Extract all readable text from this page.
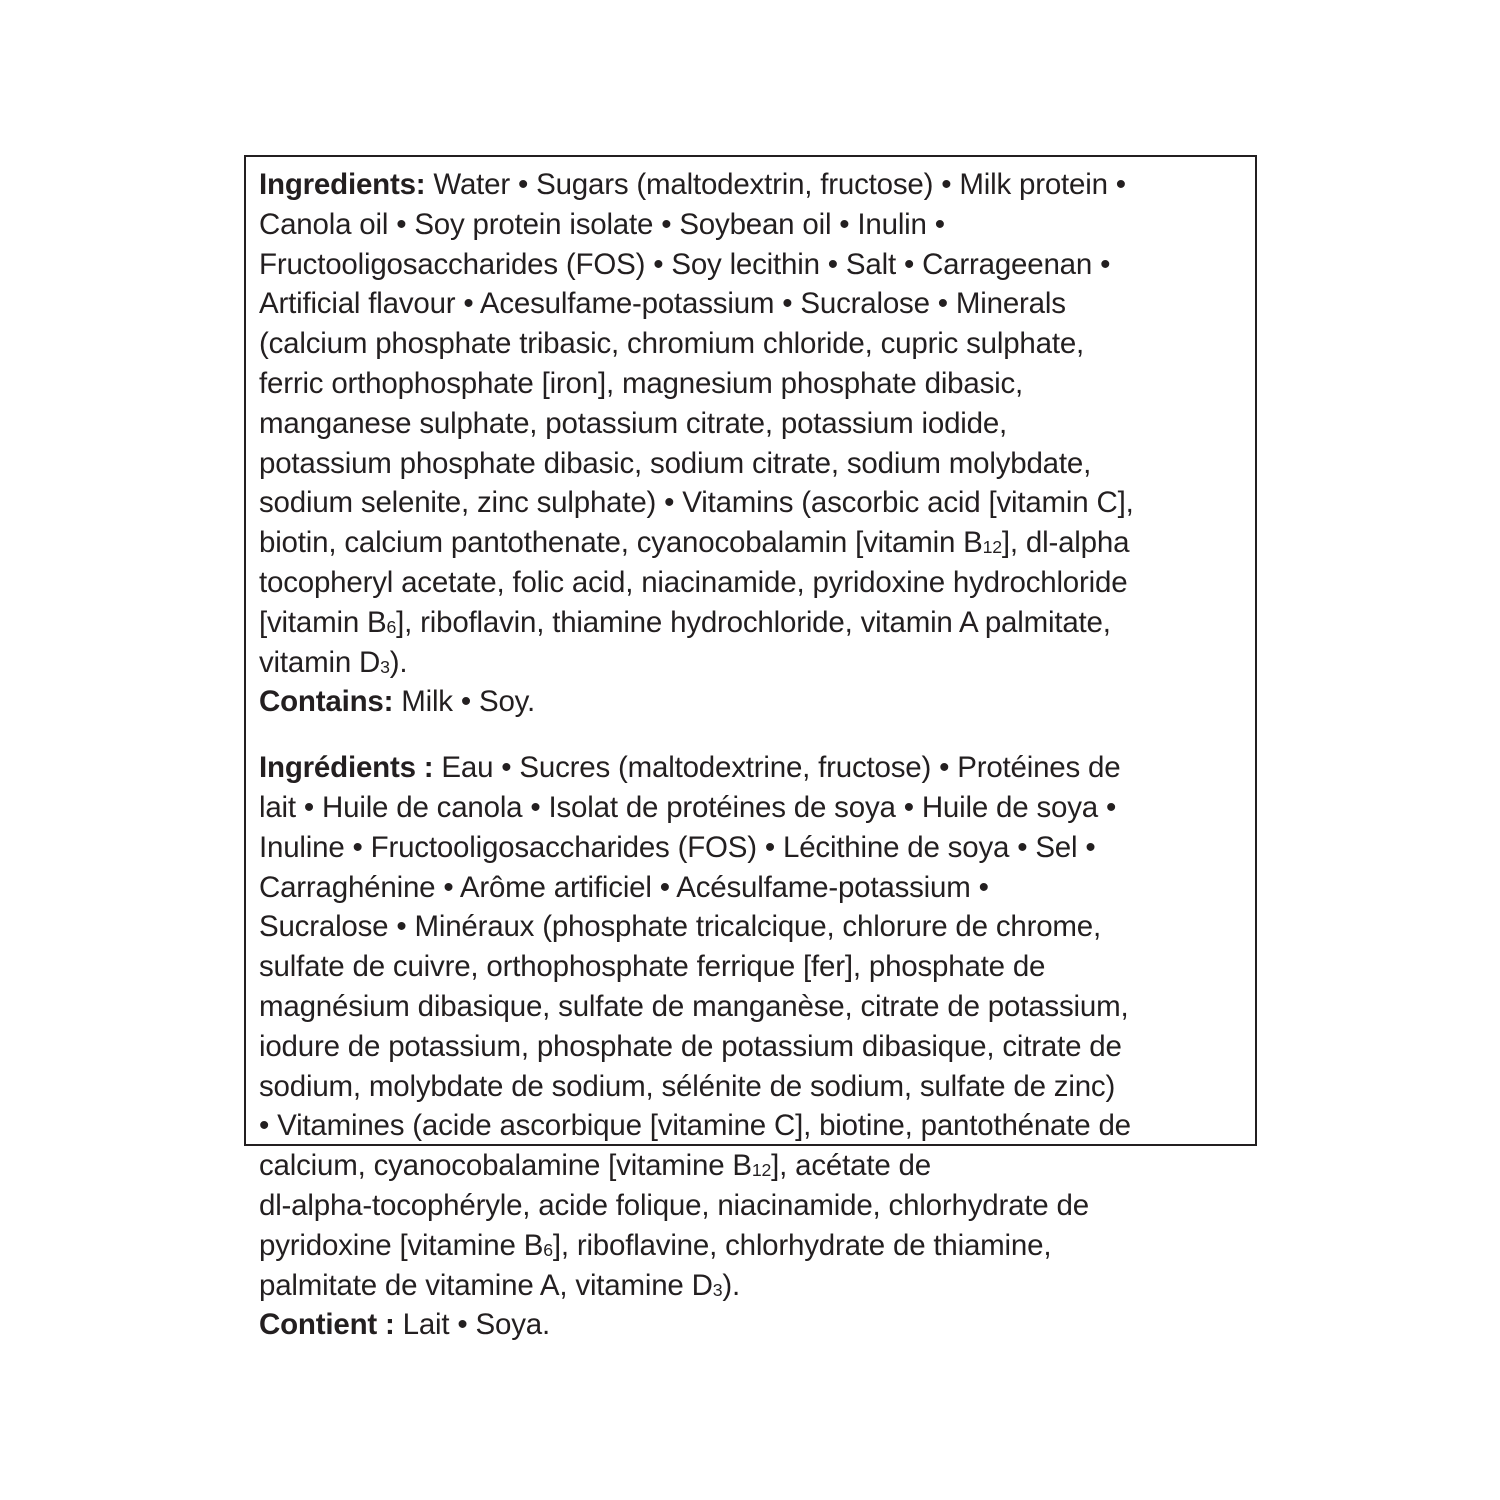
Ingredients: Water • Sugars (maltodextrin, fructose) • Milk protein •
Canola oil • Soy protein isolate • Soybean oil • Inulin •
Fructooligosaccharides (FOS) • Soy lecithin • Salt • Carrageenan •
Artificial flavour • Acesulfame-potassium • Sucralose • Minerals
(calcium phosphate tribasic, chromium chloride, cupric sulphate,
ferric orthophosphate [iron], magnesium phosphate dibasic,
manganese sulphate, potassium citrate, potassium iodide,
potassium phosphate dibasic, sodium citrate, sodium molybdate,
sodium selenite, zinc sulphate) • Vitamins (ascorbic acid [vitamin C],
biotin, calcium pantothenate, cyanocobalamin [vitamin B12], dl-alpha
tocopheryl acetate, folic acid, niacinamide, pyridoxine hydrochloride
[vitamin B6], riboflavin, thiamine hydrochloride, vitamin A palmitate,
vitamin D3).
Contains: Milk • Soy.
Ingrédients : Eau • Sucres (maltodextrine, fructose) • Protéines de
lait • Huile de canola • Isolat de protéines de soya • Huile de soya •
Inuline • Fructooligosaccharides (FOS) • Lécithine de soya • Sel •
Carraghénine • Arôme artificiel • Acésulfame-potassium •
Sucralose • Minéraux (phosphate tricalcique, chlorure de chrome,
sulfate de cuivre, orthophosphate ferrique [fer], phosphate de
magnésium dibasique, sulfate de manganèse, citrate de potassium,
iodure de potassium, phosphate de potassium dibasique, citrate de
sodium, molybdate de sodium, sélénite de sodium, sulfate de zinc)
• Vitamines (acide ascorbique [vitamine C], biotine, pantothénate de
calcium, cyanocobalamine [vitamine B12], acétate de
dl-alpha-tocophéryle, acide folique, niacinamide, chlorhydrate de
pyridoxine [vitamine B6], riboflavine, chlorhydrate de thiamine,
palmitate de vitamine A, vitamine D3).
Contient : Lait • Soya.
